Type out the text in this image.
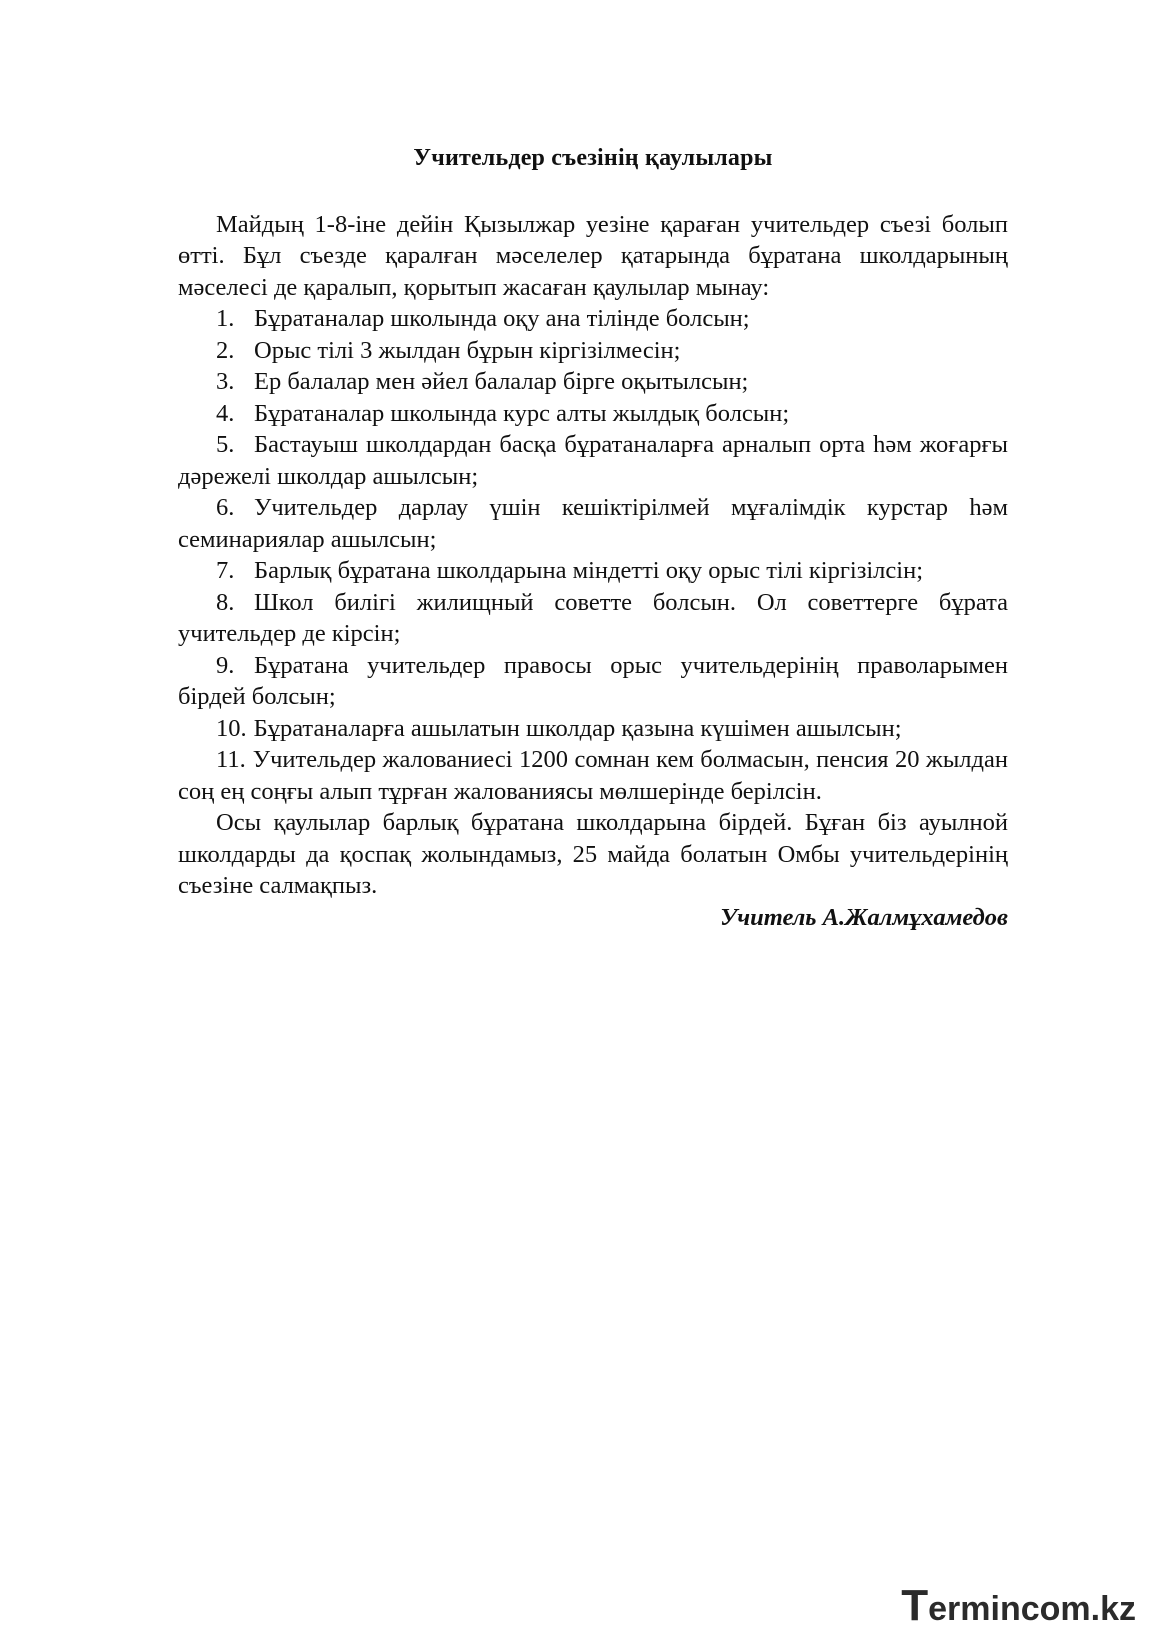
Учительдер съезінің қаулылары

Майдың 1-8-іне дейін Қызылжар уезіне қараған учительдер съезі болып өтті. Бұл съезде қаралған мәселелер қатарында бұратана школдарының мәселесі де қаралып, қорытып жасаған қаулылар мынау:

1. Бұратаналар школында оқу ана тілінде болсын;

2. Орыс тілі 3 жылдан бұрын кіргізілмесін;

3. Ер балалар мен әйел балалар бірге оқытылсын;

4. Бұратаналар школында курс алты жылдық болсын;

5. Бастауыш школдардан басқа бұратаналарға арналып орта һәм жоғарғы дәрежелі школдар ашылсын;

6. Учительдер дарлау үшін кешіктірілмей мұғалімдік курстар һәм семинариялар ашылсын;

7. Барлық бұратана школдарына міндетті оқу орыс тілі кіргізілсін;

8. Школ билігі жилищный советте болсын. Ол советтерге бұрата учительдер де кірсін;

9. Бұратана учительдер правосы орыс учительдерінің праволарымен бірдей болсын;

10. Бұратаналарға ашылатын школдар қазына күшімен ашылсын;

11. Учительдер жалованиесі 1200 сомнан кем болмасын, пенсия 20 жылдан соң ең соңғы алып тұрған жалованиясы мөлшерінде берілсін.

Осы қаулылар барлық бұратана школдарына бірдей. Бұған біз ауылной школдарды да қоспақ жолындамыз, 25 майда болатын Омбы учительдерінің съезіне салмақпыз.

Учитель А.Жалмұхамедов

Termincom.kz
